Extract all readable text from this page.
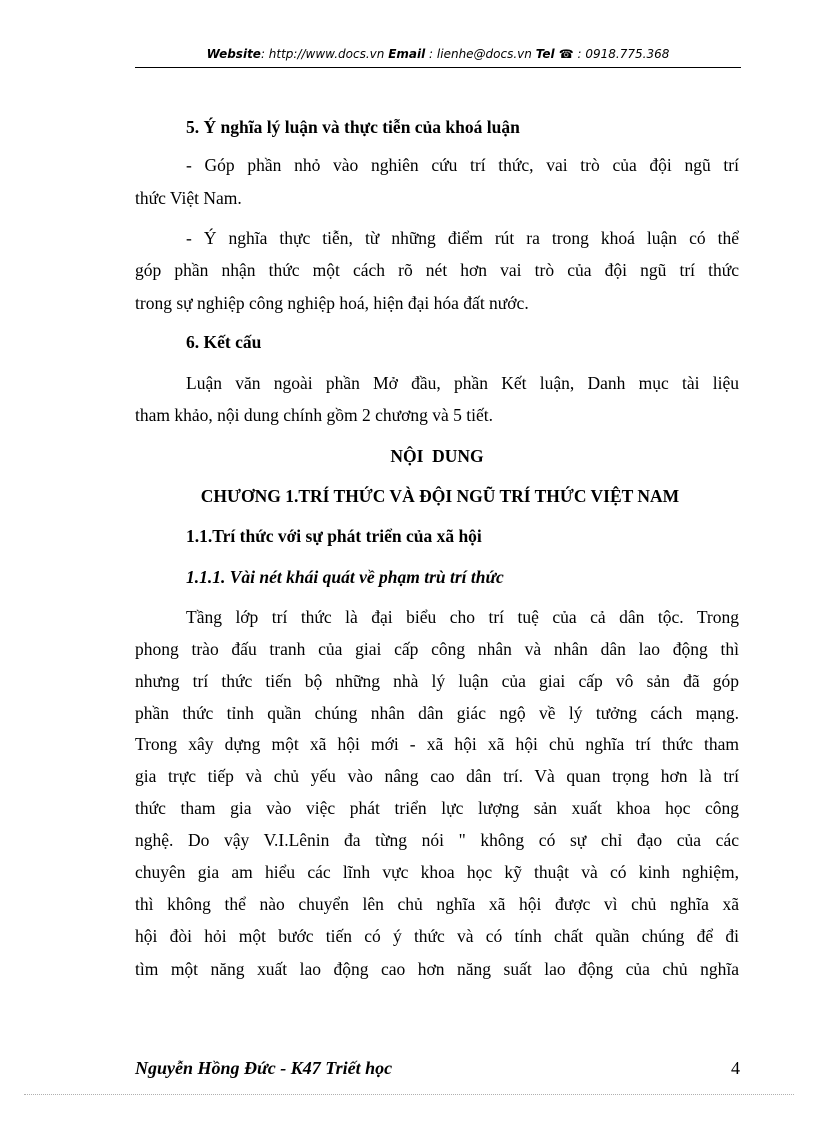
Website: http://www.docs.vn Email : lienhe@docs.vn Tel ☎ : 0918.775.368
5. Ý nghĩa lý luận và thực tiễn của khoá luận
- Góp phần nhỏ vào nghiên cứu trí thức, vai trò của đội ngũ trí
thức Việt Nam.
- Ý nghĩa thực tiễn, từ những điểm rút ra trong khoá luận có thể
góp phần nhận thức một cách rõ nét hơn vai trò của đội ngũ trí thức
trong sự nghiệp công nghiệp hoá, hiện đại hóa đất nước.
6. Kết cấu
Luận văn ngoài phần Mở đầu, phần Kết luận, Danh mục tài liệu
tham khảo, nội dung chính gồm 2 chương và 5 tiết.
NỘI  DUNG
CHƯƠNG 1.TRÍ THỨC VÀ ĐỘI NGŨ TRÍ THỨC VIỆT NAM
1.1.Trí thức với sự phát triển của xã hội
1.1.1. Vài nét khái quát về phạm trù trí thức
Tầng lớp trí thức là đại biểu cho trí tuệ của cả dân tộc. Trong
phong trào đấu tranh của giai cấp công nhân và nhân dân lao động thì
nhưng trí thức tiến bộ những nhà lý luận của giai cấp vô sản đã góp
phần thức tỉnh quần chúng nhân dân giác ngộ về lý tưởng cách mạng.
Trong xây dựng một xã hội mới - xã hội xã hội chủ nghĩa trí thức tham
gia trực tiếp và chủ yếu vào nâng cao dân trí. Và quan trọng hơn là trí
thức tham gia vào việc phát triển lực lượng sản xuất khoa học công
nghệ. Do vậy V.I.Lênin đa từng nói " không có sự chỉ đạo của các
chuyên gia am hiểu các lĩnh vực khoa học kỹ thuật và có kinh nghiệm,
thì không thể nào chuyển lên chủ nghĩa xã hội được vì chủ nghĩa xã
hội đòi hỏi một bước tiến có ý thức và có tính chất quần chúng để đi
tìm một năng xuất lao động cao hơn năng suất lao động của chủ nghĩa
Nguyễn Hồng Đức - K47 Triết học	4
